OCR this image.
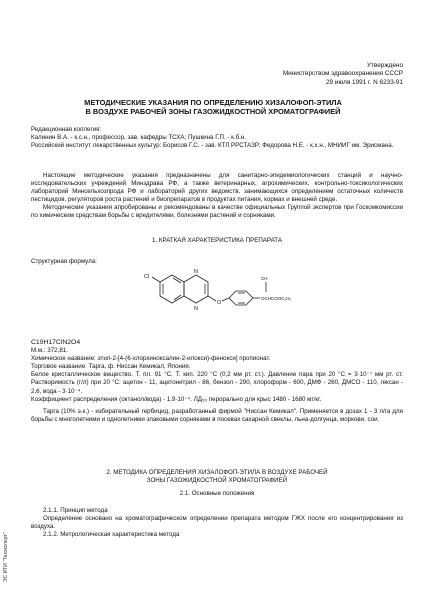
Утверждено
Министерством здравоохранения СССР
29 июля 1991 г. N 6233-91
МЕТОДИЧЕСКИЕ УКАЗАНИЯ ПО ОПРЕДЕЛЕНИЮ ХИЗАЛОФОП-ЭТИЛА
В ВОЗДУХЕ РАБОЧЕЙ ЗОНЫ ГАЗОЖИДКОСТНОЙ ХРОМАТОГРАФИЕЙ
Редакционная коллегия:
Калинин В.А. - к.с.н., профессор, зав. кафедры ТСХА; Пушкина Г.П. - к.б.н.
Российский институт лекарственных культур: Борисов Г.С. - зав. КТЛ РРСТАЗР; Федорова Н.Е. - к.х.н., МНИИГ им. Эрисмана.
Настоящие методические указания предназначены для санитарно-эпидемиологических станций и научно-исследовательских учреждений Минздрава РФ, а также ветеринарных, агрохимических, контрольно-токсикологических лабораторий Минсельхозпрода РФ и лабораторий других ведомств, занимающихся определением остаточных количеств пестицидов, регуляторов роста растений и биопрепаратов в продуктах питания, кормах и внешней среде.
Методические указания апробированы и рекомендованы в качестве официальных Группой экспертов при Госкомкомиссии по химическим средствам борьбы с вредителями, болезнями растений и сорняками.
1. КРАТКАЯ ХАРАКТЕРИСТИКА ПРЕПАРАТА
Структурная формула:
Cl
N
N
O
CH
OCHCOOC₂H₅
C19H17ClN2O4
М.м.: 372,81.
Химическое название: этил-2-[4-(6-хлорхиноксалин-2-илокси)-фенокси] пропионат.
Торговое название: Тарга, ф. Ниссан Кемикал, Япония.
Белое кристаллическое вещество. Т. пл. 91 °С. Т. кип. 220 °С (0,2 мм рт. ст.). Давление пара при 20 °С = 3·10⁻⁷ мм рт. ст. Растворимость (г/л) при 20 °С: ацетон - 11, ацетонитрил - 86, бензол - 290, хлороформ - 600, ДМФ - 260, ДМСО - 110, гексан - 2,6, вода - 3·10⁻⁴.
Коэффициент распределения (октанол/вода) - 1,9·10⁻⁴. ЛД₅₀ перорально для крыс 1480 - 1680 мг/кг.
Тарга (10% э.к.) - избирательный гербицид, разработанный фирмой "Ниссан Кемикал". Применяется в дозах 1 - 3 л/га для борьбы с многолетними и однолетними злаковыми сорняками в посевах сахарной свеклы, льна-долгунца, моркови, сои.
2. МЕТОДИКА ОПРЕДЕЛЕНИЯ ХИЗАЛОФОП-ЭТИЛА В ВОЗДУХЕ РАБОЧЕЙ
ЗОНЫ ГАЗОЖИДКОСТНОЙ ХРОМАТОГРАФИЕЙ
2.1. Основные положения
2.1.1. Принцип метода
Определение основано на хроматографическом определении препарата методом ГЖХ после его концентрирования из воздуха.
2.1.2. Метрологическая характеристика метода
ЭС ИТИ "Техэксперт"
